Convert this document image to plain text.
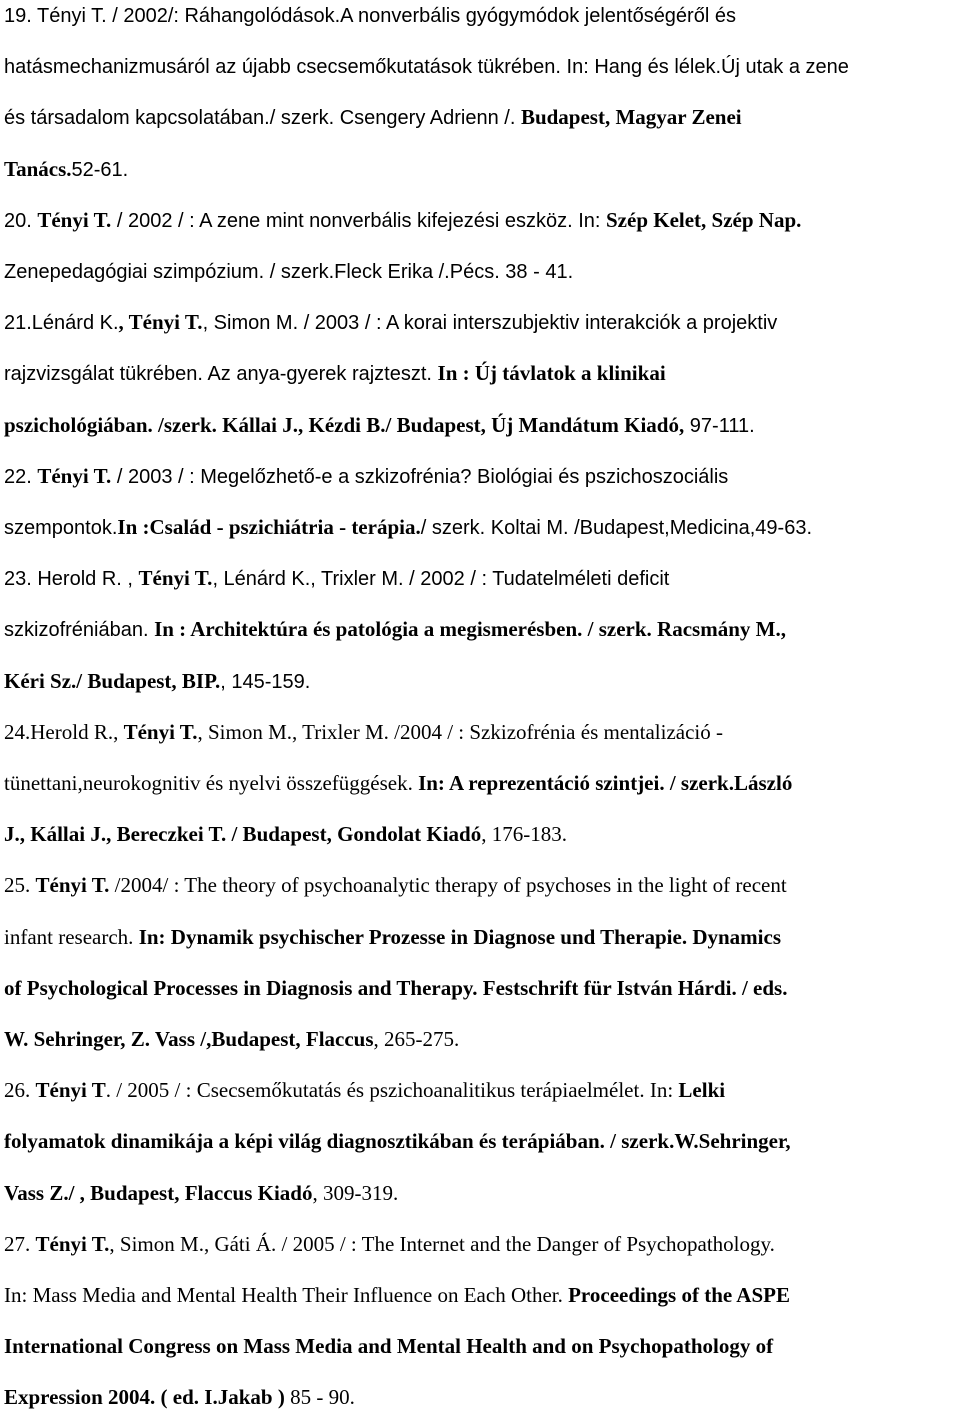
19. Tényi T. / 2002/: Ráhangolódások.A nonverbális gyógymódok jelentőségéről és
hatásmechanizmusáról az újabb csecsemőkutatások tükrében. In: Hang és lélek.Új utak a zene
és társadalom kapcsolatában./ szerk. Csengery Adrienn /. Budapest, Magyar Zenei
Tanács.52-61.
20. Tényi T. / 2002 / : A zene mint nonverbális kifejezési eszköz. In: Szép Kelet, Szép Nap.
Zenepedagógiai szimpózium. / szerk.Fleck Erika /.Pécs. 38 - 41.
21.Lénárd K., Tényi T., Simon M. / 2003 / : A korai interszubjektiv interakciók a projektiv
rajzvizsgálat tükrében. Az anya-gyerek rajzteszt. In : Új távlatok a klinikai
pszichológiában. /szerk. Kállai J., Kézdi B./ Budapest, Új Mandátum Kiadó, 97-111.
22. Tényi T. / 2003 / : Megelőzhető-e a szkizofrénia? Biológiai és pszichoszociális
szempontok.In :Család - pszichiátria - terápia./ szerk. Koltai M. /Budapest,Medicina,49-63.
23. Herold R. , Tényi T., Lénárd K., Trixler M. / 2002 / : Tudatelméleti deficit
szkizofréniában. In : Architektúra és patológia a megismerésben. / szerk. Racsmány M.,
Kéri Sz./ Budapest, BIP., 145-159.
24.Herold R., Tényi T., Simon M., Trixler M. /2004 / : Szkizofrénia és mentalizáció -
tünettani,neurokognitiv és nyelvi összefüggések. In: A reprezentáció szintjei. / szerk.László
J., Kállai J., Bereczkei T. / Budapest, Gondolat Kiadó, 176-183.
25. Tényi T. /2004/ : The theory of psychoanalytic therapy of psychoses in the light of recent
infant research. In: Dynamik psychischer Prozesse in Diagnose und Therapie. Dynamics
of Psychological Processes in Diagnosis and Therapy. Festschrift für István Hárdi. / eds.
W. Sehringer, Z. Vass /,Budapest, Flaccus, 265-275.
26. Tényi T. / 2005 / : Csecsemőkutatás és pszichoanalitikus terápiaelmélet. In: Lelki
folyamatok dinamikája a képi világ diagnosztikában és terápiában. / szerk.W.Sehringer,
Vass Z./ , Budapest, Flaccus Kiadó, 309-319.
27. Tényi T., Simon M., Gáti Á. / 2005 / : The Internet and the Danger of Psychopathology.
In: Mass Media and Mental Health Their Influence on Each Other. Proceedings of the ASPE
International Congress on Mass Media and Mental Health and on Psychopathology of
Expression 2004. ( ed. I.Jakab ) 85 - 90.
